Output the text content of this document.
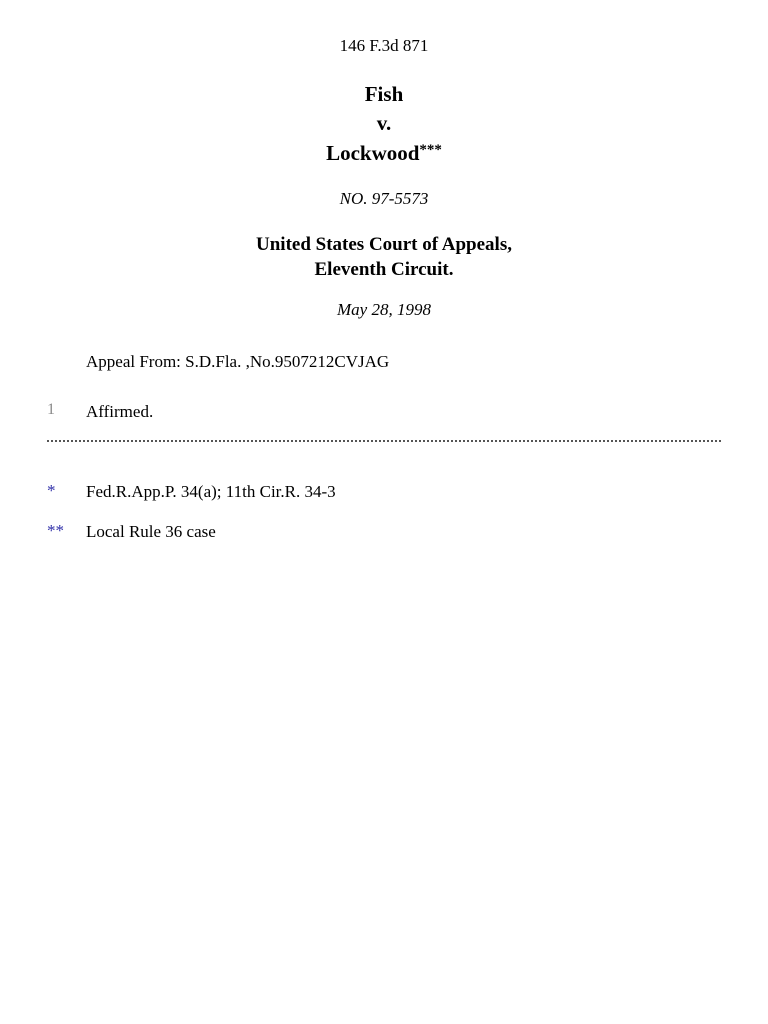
146 F.3d 871
Fish
v.
Lockwood***
NO. 97-5573
United States Court of Appeals,
Eleventh Circuit.
May 28, 1998
Appeal From: S.D.Fla. ,No.9507212CVJAG
1 Affirmed.
* Fed.R.App.P. 34(a); 11th Cir.R. 34-3
** Local Rule 36 case
